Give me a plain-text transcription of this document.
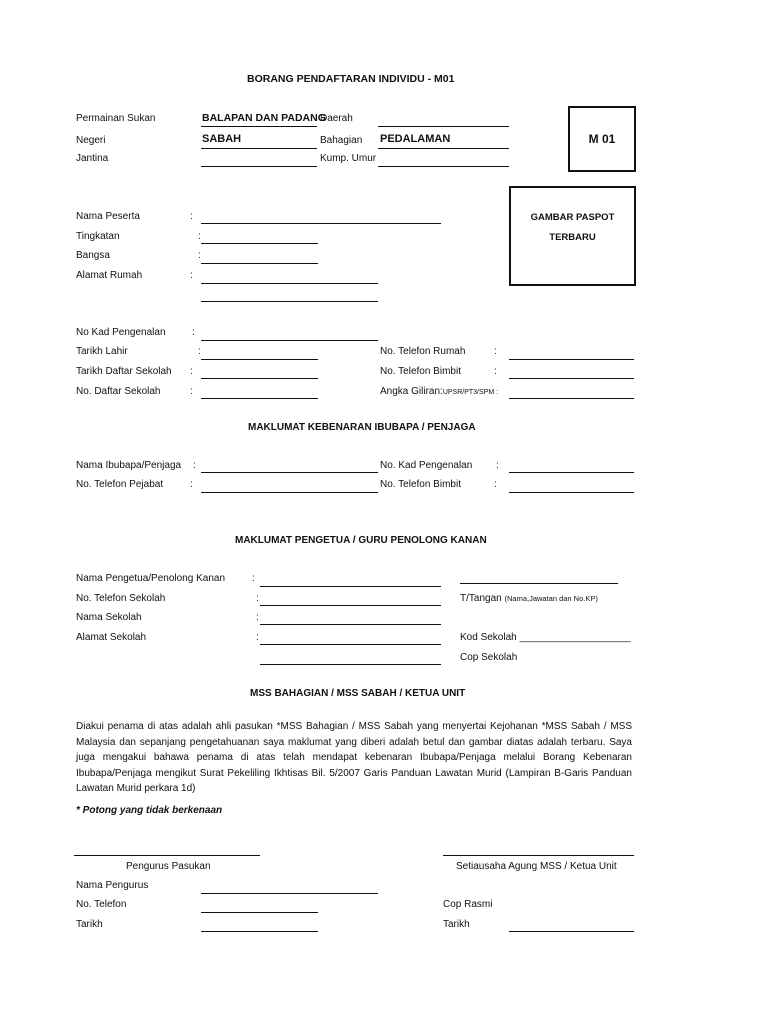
BORANG PENDAFTARAN INDIVIDU - M01
Permainan Sukan	BALAPAN DAN PADANG
Daerah
Negeri	SABAH	Bahagian PEDALAMAN
Jantina	Kump. Umur
M 01
GAMBAR PASPOT
TERBARU
Nama Peserta	:
Tingkatan	:
Bangsa	:
Alamat Rumah	:
No Kad Pengenalan	:
Tarikh Lahir	:	No. Telefon Rumah	:
Tarikh Daftar Sekolah :	No. Telefon Bimbit	:
No. Daftar Sekolah	:	Angka Giliran:UPSR/PT3/SPM :
MAKLUMAT KEBENARAN IBUBAPA / PENJAGA
Nama Ibubapa/Penjaga :	No. Kad Pengenalan :
No. Telefon Pejabat	:	No. Telefon Bimbit	:
MAKLUMAT PENGETUA / GURU PENOLONG KANAN
Nama Pengetua/Penolong Kanan	:
No. Telefon Sekolah	:	T/Tangan (Nama,Jawatan dan No.KP)
Nama Sekolah	:
Alamat Sekolah	:	Kod Sekolah ____________________
Cop Sekolah
MSS BAHAGIAN / MSS SABAH / KETUA UNIT
Diakui penama di atas adalah ahli pasukan *MSS Bahagian / MSS Sabah yang menyertai Kejohanan *MSS Sabah / MSS Malaysia dan sepanjang pengetahuanan saya maklumat yang diberi adalah betul dan gambar diatas adalah terbaru. Saya juga mengakui bahawa penama di atas telah mendapat kebenaran Ibubapa/Penjaga melalui Borang Kebenaran Ibubapa/Penjaga mengikut Surat Pekeliling Ikhtisas Bil. 5/2007 Garis Panduan Lawatan Murid (Lampiran B-Garis Panduan Lawatan Murid perkara 1d)
* Potong yang tidak berkenaan
Pengurus Pasukan	Setiausaha Agung MSS / Ketua Unit
Nama Pengurus
No. Telefon	Cop Rasmi
Tarikh	Tarikh
